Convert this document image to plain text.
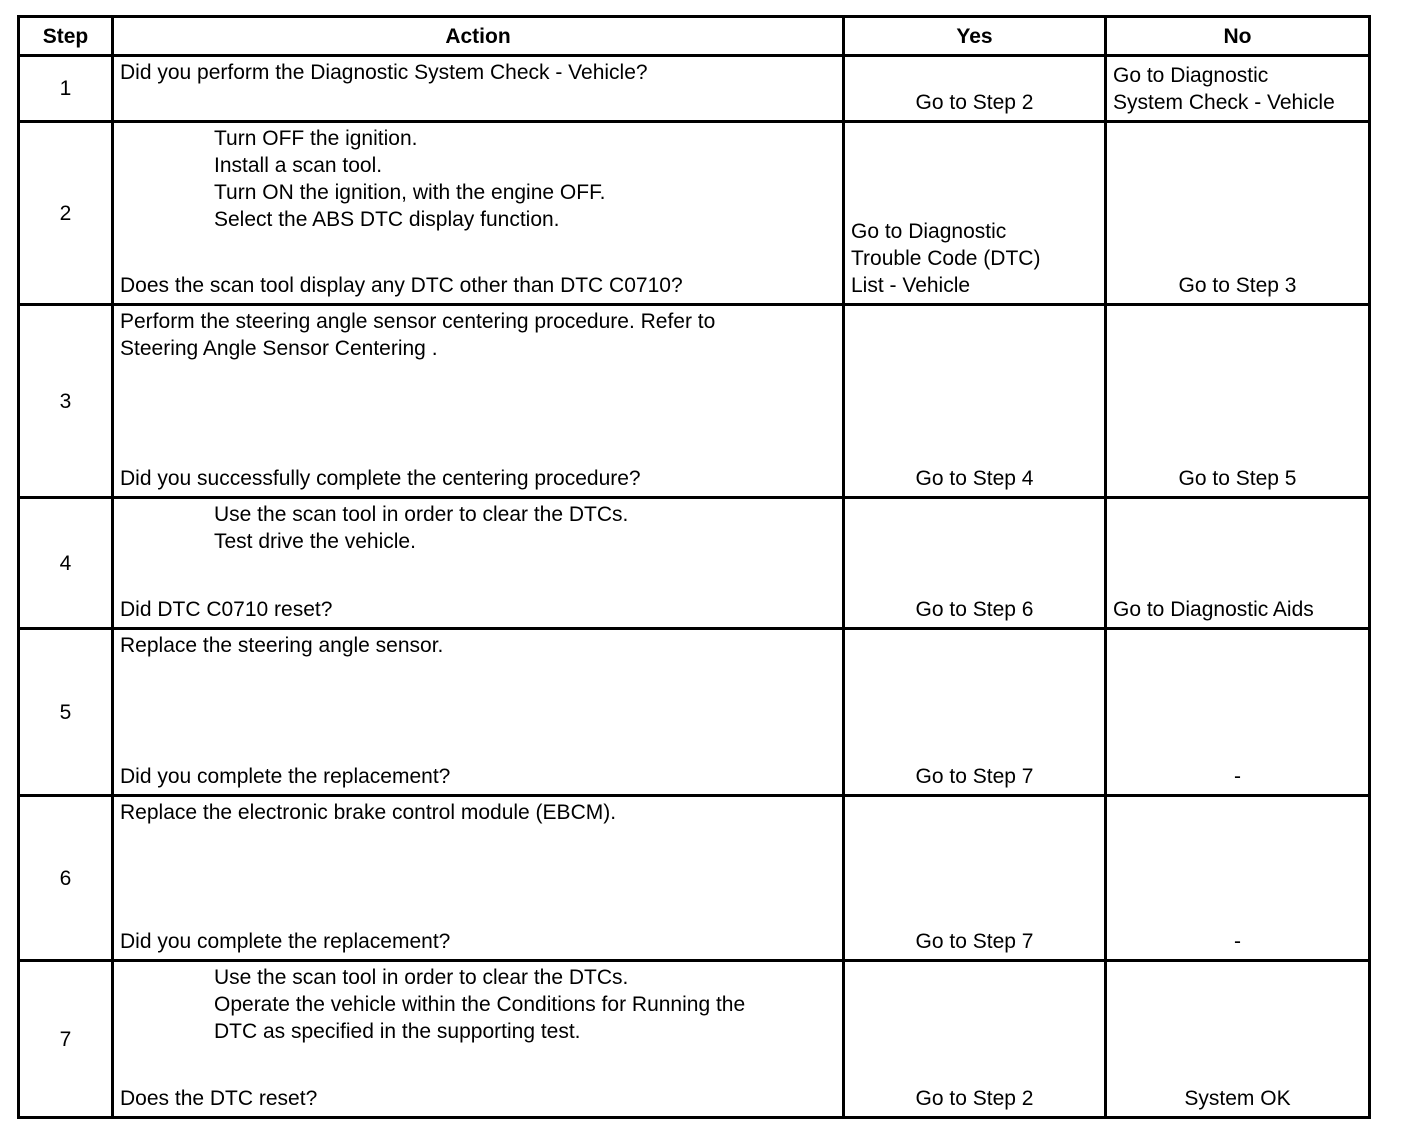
Step	Action	Yes	No
1	Did you perform the Diagnostic System Check - Vehicle?	Go to Step 2	Go to Diagnostic
System Check - Vehicle

2	Turn OFF the ignition.
Install a scan tool.
Turn ON the ignition, with the engine OFF.
Select the ABS DTC display function.
Does the scan tool display any DTC other than DTC C0710?	Go to Diagnostic
Trouble Code (DTC)
List - Vehicle	Go to Step 3
3	Perform the steering angle sensor centering procedure. Refer to
Steering Angle Sensor Centering .
Did you successfully complete the centering procedure?	Go to Step 4	Go to Step 5
4	Use the scan tool in order to clear the DTCs.
Test drive the vehicle.
Did DTC C0710 reset?	Go to Step 6	Go to Diagnostic Aids
5	Replace the steering angle sensor.
Did you complete the replacement?	Go to Step 7	-
6	Replace the electronic brake control module (EBCM).
Did you complete the replacement?	Go to Step 7	-
7	Use the scan tool in order to clear the DTCs.
Operate the vehicle within the Conditions for Running the
DTC as specified in the supporting test.
Does the DTC reset?	Go to Step 2	System OK
